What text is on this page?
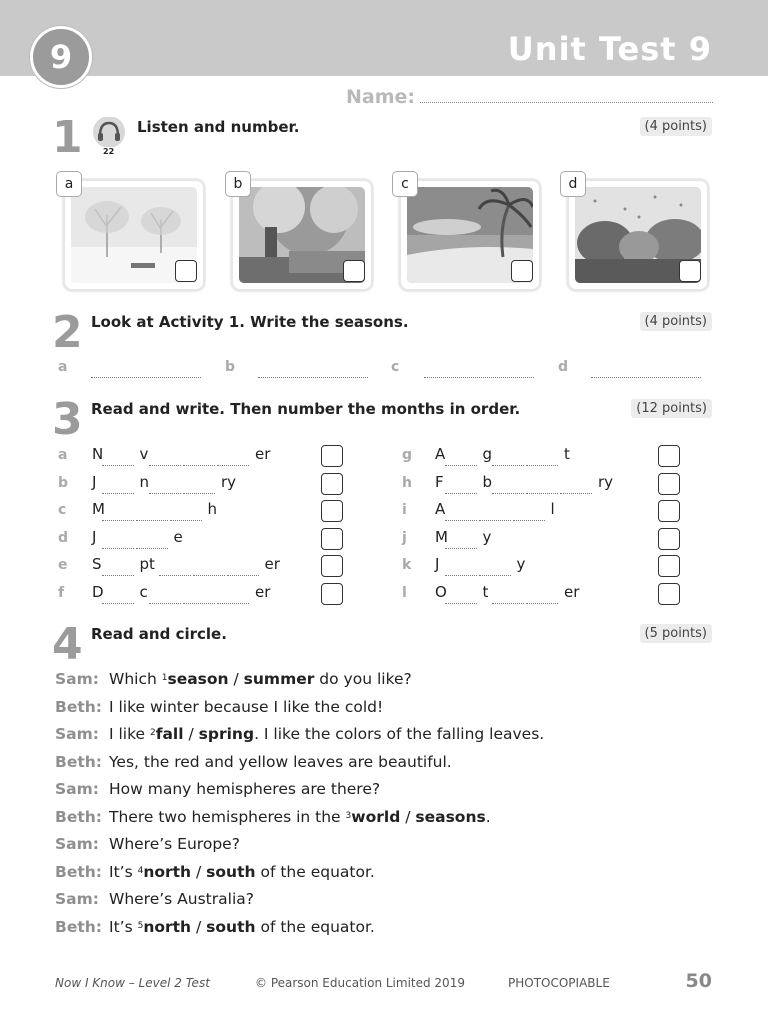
9	Unit Test 9
Name:
1	22
Listen and number.	(4 points)
a	b	c	d
2 Look at Activity 1. Write the seasons.	(4 points)
a	b	c	d
3 Read and write. Then number the months in order.	(12 points)
a N v	er
b J	n	ry
c M	h
d J	e
e S	pt	er
f D c	er
g A g	t
h F	b	ry
i A	l
j M y
k J	y
l O t	er
4 Read and circle.	(5 points)
Sam: Which $^1$season / summer do you like?
Beth: I like winter because I like the cold!
Sam: I like $^2$fall / spring. I like the colors of the falling leaves.
Beth: Yes, the red and yellow leaves are beautiful.
Sam: How many hemispheres are there?
Beth: There two hemispheres in the $^3$world / seasons.
Sam: Where’s Europe?
Beth: It’s $^4$north / south of the equator.
Sam: Where’s Australia?
Beth: It’s $^5$north / south of the equator.
Now I Know – Level 2 Test	© Pearson Education Limited 2019	PHOTOCOPIABLE	50
